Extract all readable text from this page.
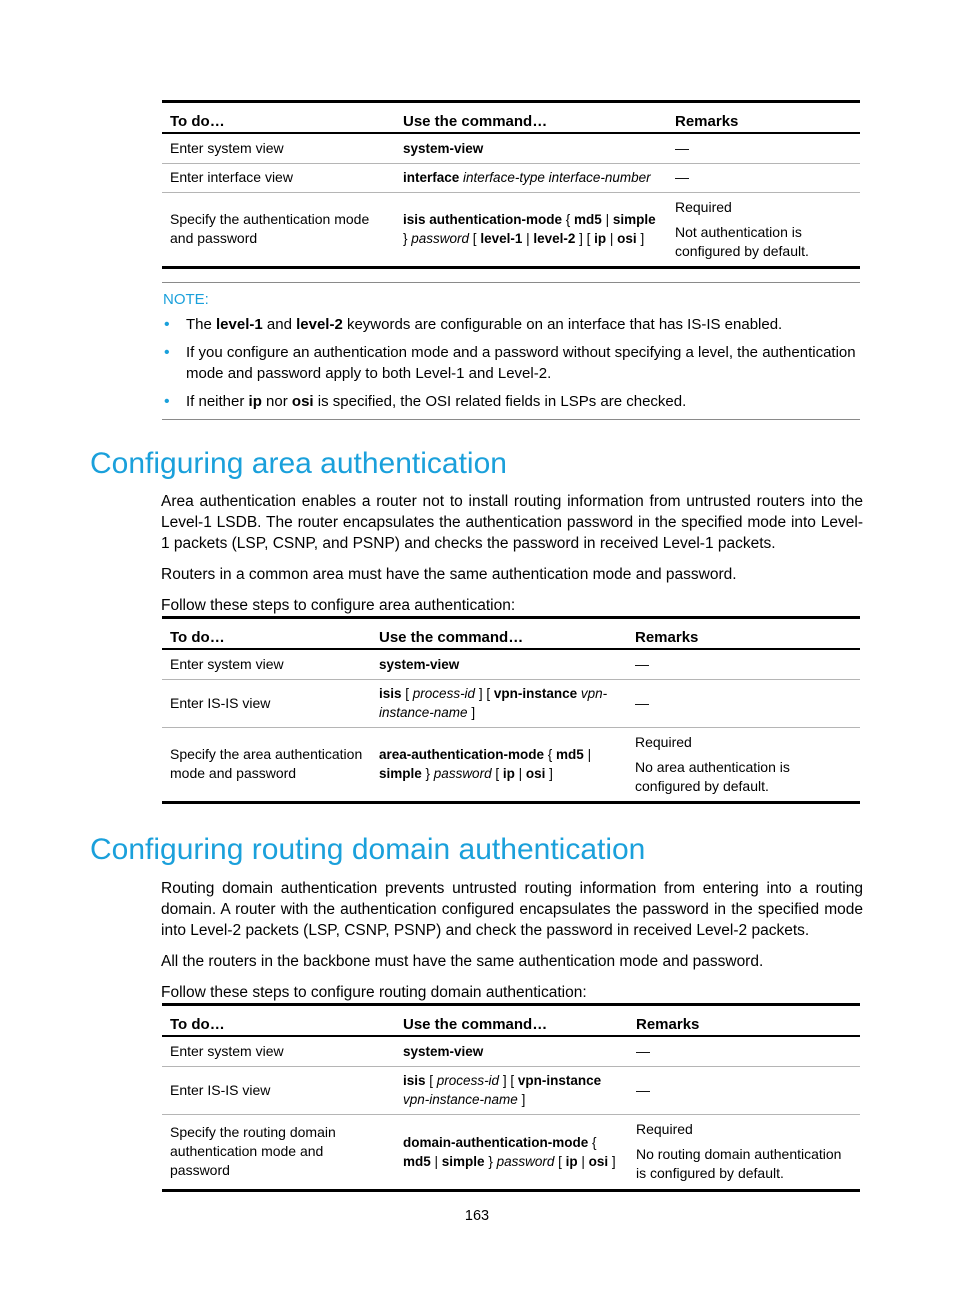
To do…	Use the command…	Remarks
Enter system view	system-view	—

Enter interface view	interface interface-type interface-number	—

Specify the authentication mode and password	isis authentication-mode { md5 | simple } password [ level-1 | level-2 ] [ ip | osi ]	Required

Not authentication is configured by default.

NOTE:
• The level-1 and level-2 keywords are configurable on an interface that has IS-IS enabled.
• If you configure an authentication mode and a password without specifying a level, the authentication mode and password apply to both Level-1 and Level-2.
• If neither ip nor osi is specified, the OSI related fields in LSPs are checked.
Configuring area authentication

Area authentication enables a router not to install routing information from untrusted routers into the Level-1 LSDB. The router encapsulates the authentication password in the specified mode into Level-1 packets (LSP, CSNP, and PSNP) and checks the password in received Level-1 packets.

Routers in a common area must have the same authentication mode and password.

Follow these steps to configure area authentication:

To do…	Use the command…	Remarks
Enter system view	system-view	—

Enter IS-IS view	isis [ process-id ] [ vpn-instance vpn-instance-name ]	—

Specify the area authentication mode and password	area-authentication-mode { md5 | simple } password [ ip | osi ]	Required

No area authentication is configured by default.

Configuring routing domain authentication

Routing domain authentication prevents untrusted routing information from entering into a routing domain. A router with the authentication configured encapsulates the password in the specified mode into Level-2 packets (LSP, CSNP, PSNP) and check the password in received Level-2 packets.

All the routers in the backbone must have the same authentication mode and password.

Follow these steps to configure routing domain authentication:

To do…	Use the command…	Remarks
Enter system view	system-view	—

Enter IS-IS view	isis [ process-id ] [ vpn-instance vpn-instance-name ]	—

Specify the routing domain authentication mode and password	domain-authentication-mode { md5 | simple } password [ ip | osi ]	Required

No routing domain authentication is configured by default.

163
